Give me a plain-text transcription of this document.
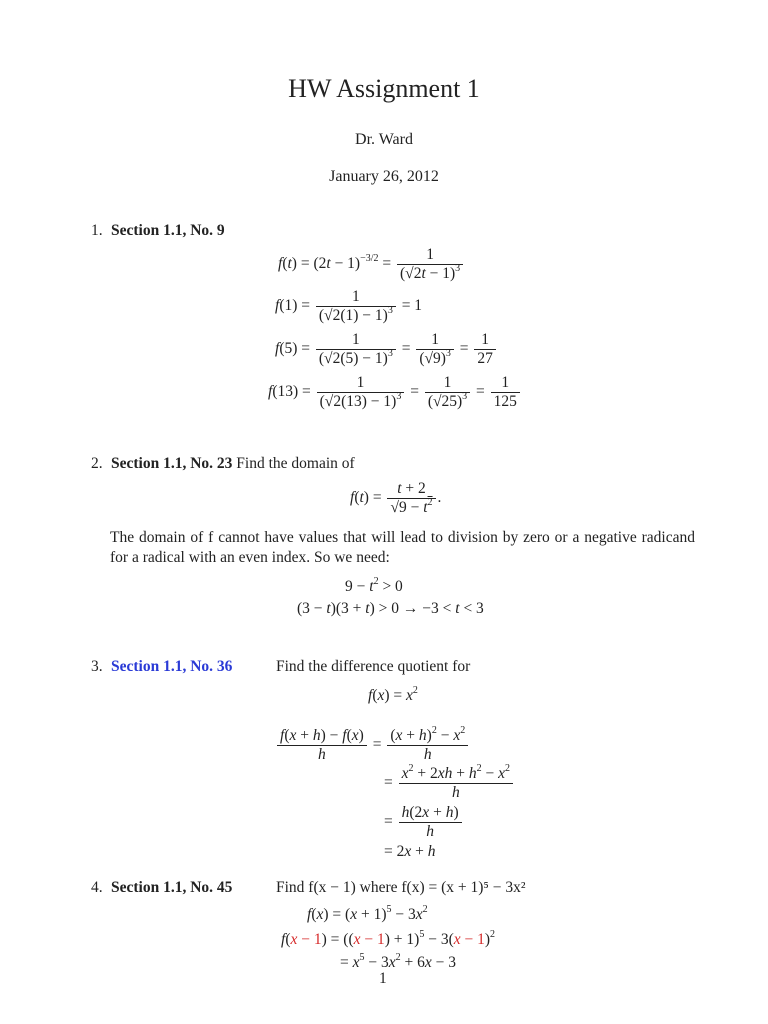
HW Assignment 1
Dr. Ward
January 26, 2012
1. Section 1.1, No. 9
$f(t) = (2t - 1)^{-3/2} = \frac{1}{(√2t - 1)^3}$
$f(1) = \frac{1}{(√2(1) - 1)^3} = 1$
$f(5) = \frac{1}{(√2(5) - 1)^3} = \frac{1}{(√9)^3} = \frac{1}{27}$
$f(13) = \frac{1}{(√2(13) - 1)^3} = \frac{1}{(√25)^3} = \frac{1}{125}$
2. Section 1.1, No. 23 Find the domain of
$f(t) = \frac{t + 2}{√9 - t^2}$ .
The domain of f cannot have values that will lead to division by zero or a negative radicand for a radical with an even index. So we need:
$9 - t^2 > 0$
(3 − t)(3 + t) > 0 → −3 < t < 3
3. Section 1.1, No. 36	Find the difference quotient for
$f(x) = x^2$
$\frac{f(x + h) - f(x)}{h} = \frac{(x + h)^2 - x^2}{h}$
= $\frac{x^2 + 2xh + h^2 - x^2}{h}$
= $\frac{h(2x + h)}{h}$
= 2x + h
4. Section 1.1, No. 45	Find f(x − 1) where f(x) = (x + 1)⁵ − 3x²
$f(x) = (x + 1)^5 - 3x^2$
$f(x - 1) = ((x - 1) + 1)^5 - 3(x - 1)^2$
= $x^5 - 3x^2 + 6x - 3$
1
